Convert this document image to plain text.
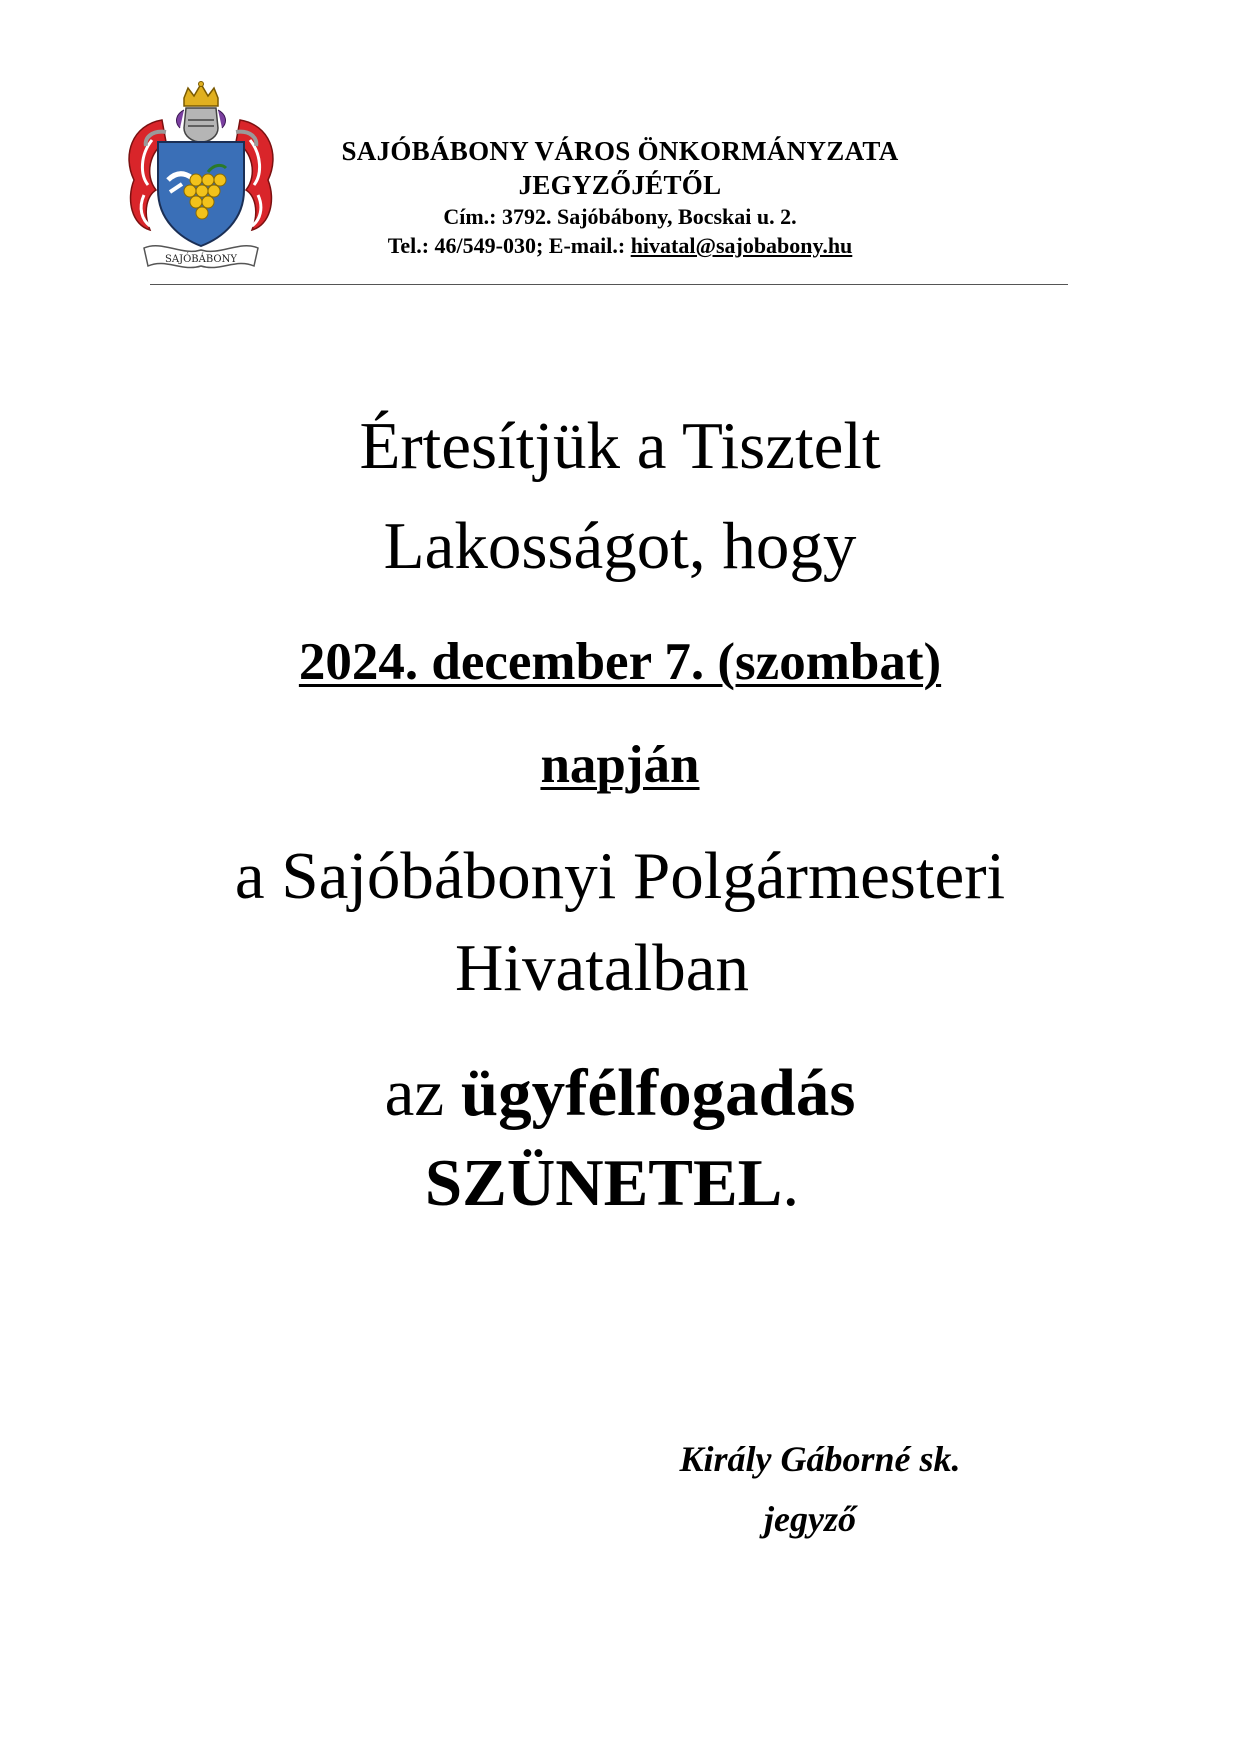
SAJÓBÁBONY
SAJÓBÁBONY VÁROS ÖNKORMÁNYZATA
JEGYZŐJÉTŐL
Cím.: 3792. Sajóbábony, Bocskai u. 2.
Tel.: 46/549-030; E-mail.: hivatal@sajobabony.hu
Értesítjük a Tisztelt
Lakosságot, hogy
2024. december 7. (szombat)
napján
a Sajóbábonyi Polgármesteri
Hivatalban
az ügyfélfogadás
SZÜNETEL.
Király Gáborné sk.
jegyző
